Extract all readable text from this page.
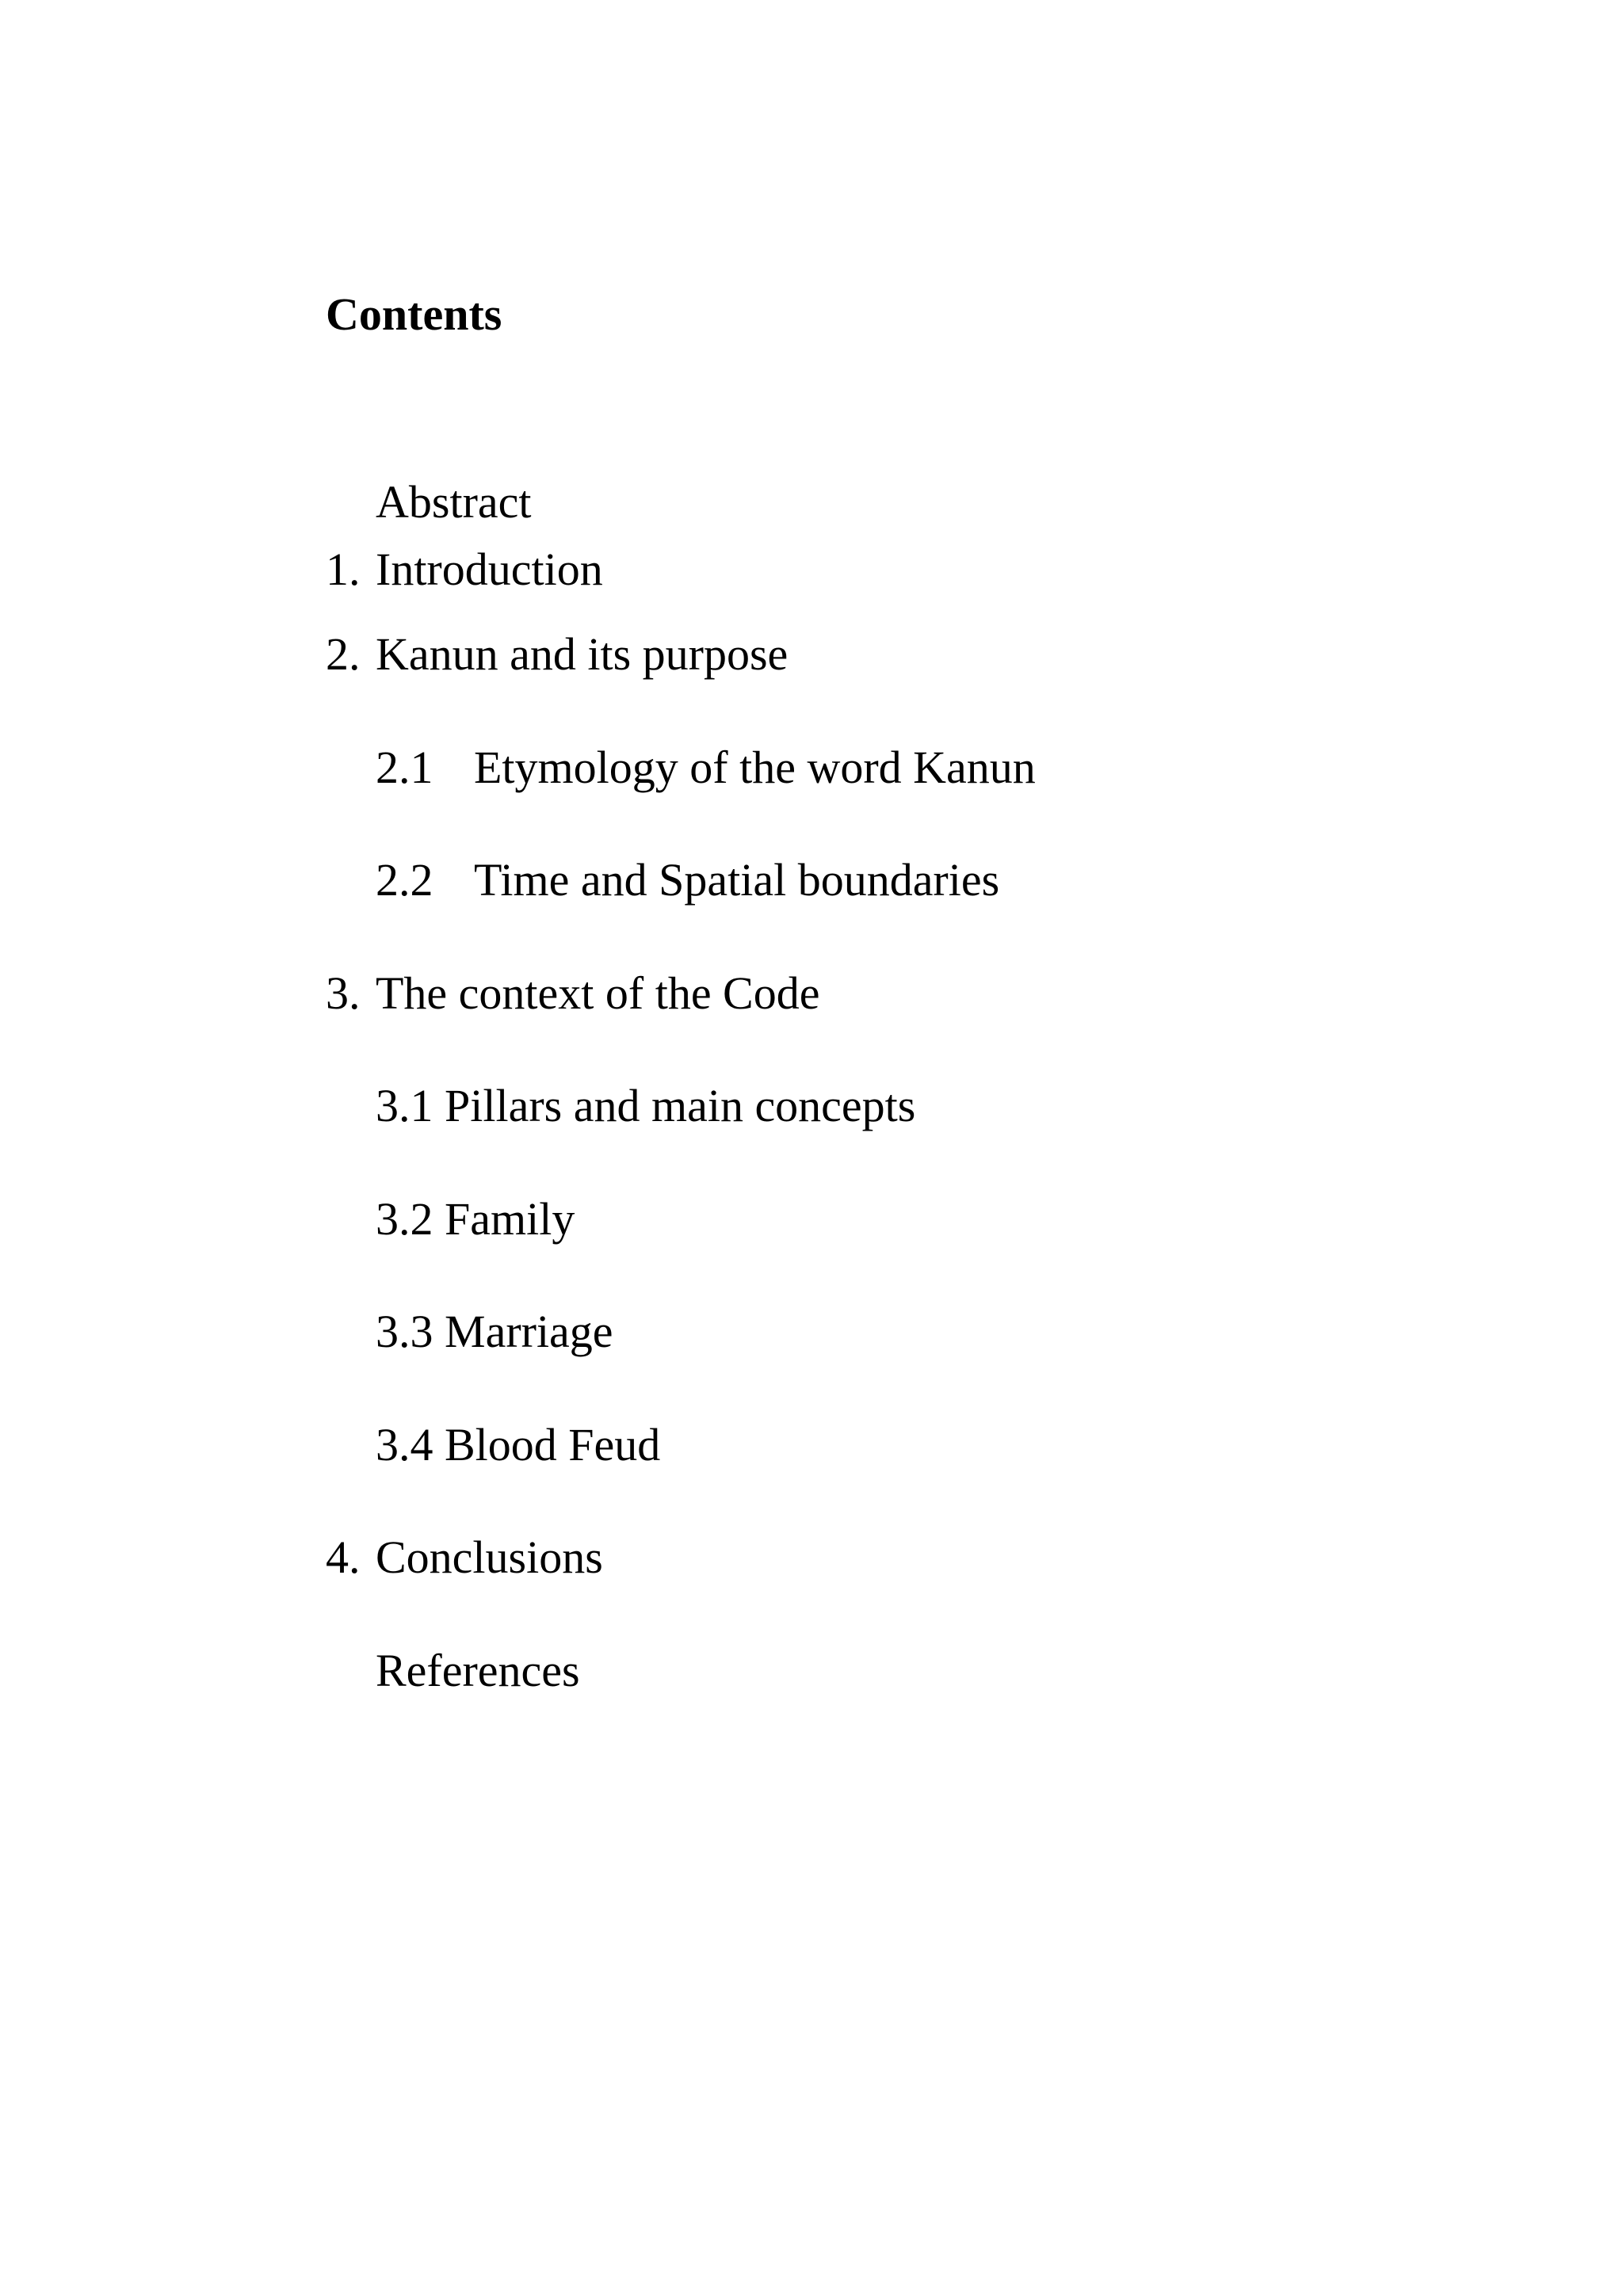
Contents
Abstract
1. Introduction
2. Kanun and its purpose
2.1 Etymology of the word Kanun
2.2 Time and Spatial boundaries
3. The context of the Code
3.1 Pillars and main concepts
3.2 Family
3.3 Marriage
3.4 Blood Feud
4. Conclusions
References
